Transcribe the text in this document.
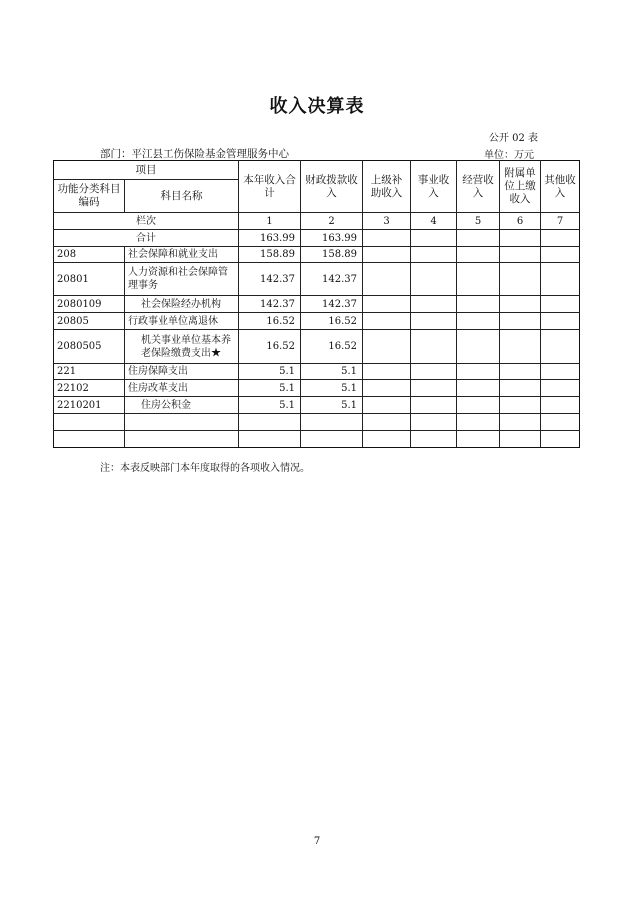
收入决算表
公开 02 表
部门：平江县工伤保险基金管理服务中心	单位：万元
项目		本年收入合计	财政拨款收入	上级补助收入	事业收入	经营收入	附属单位上缴收入	其他收入
功能分类科目编码	科目名称							
栏次		1	2	3	4	5	6	7
合计		163.99	163.99					
208	社会保障和就业支出	158.89	158.89					
20801	人力资源和社会保障管理事务	142.37	142.37					
2080109	社会保险经办机构	142.37	142.37					
20805	行政事业单位离退休	16.52	16.52					
2080505	机关事业单位基本养老保险缴费支出★	16.52	16.52					
221	住房保障支出	5.1	5.1					
22102	住房改革支出	5.1	5.1					
2210201	住房公积金	5.1	5.1					

注：本表反映部门本年度取得的各项收入情况。
7
